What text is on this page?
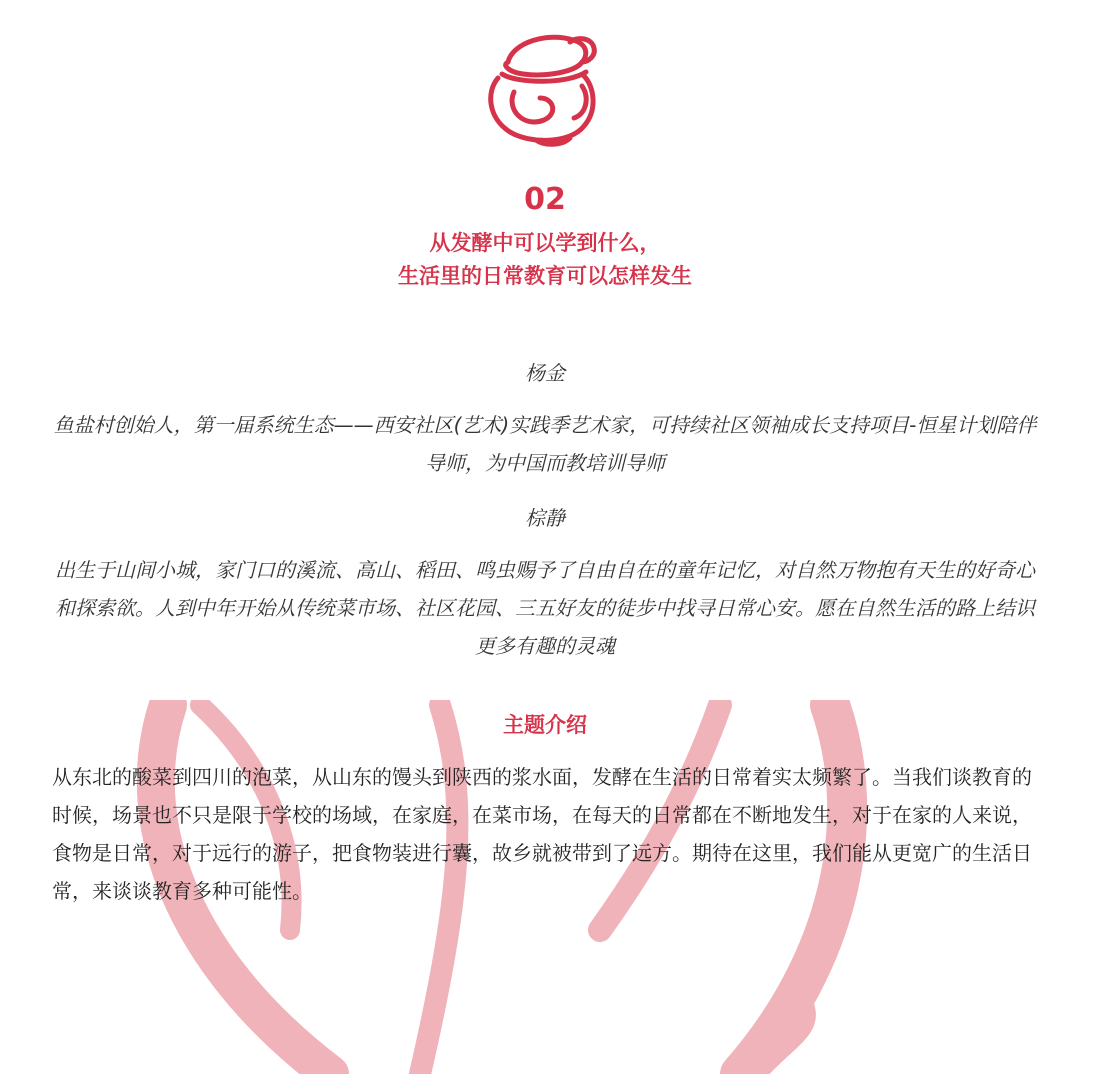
02
从发酵中可以学到什么，
生活里的日常教育可以怎样发生

杨金

鱼盐村创始人，第一届系统生态——西安社区(艺术)实践季艺术家，可持续社区领袖成长支持项目-恒星计划陪伴导师，为中国而教培训导师

棕静

出生于山间小城，家门口的溪流、高山、稻田、鸣虫赐予了自由自在的童年记忆，对自然万物抱有天生的好奇心和探索欲。人到中年开始从传统菜市场、社区花园、三五好友的徒步中找寻日常心安。愿在自然生活的路上结识更多有趣的灵魂

主题介绍

从东北的酸菜到四川的泡菜，从山东的馒头到陕西的浆水面，发酵在生活的日常着实太频繁了。当我们谈教育的时候，场景也不只是限于学校的场域，在家庭，在菜市场，在每天的日常都在不断地发生，对于在家的人来说，食物是日常，对于远行的游子，把食物装进行囊，故乡就被带到了远方。期待在这里，我们能从更宽广的生活日常，来谈谈教育多种可能性。
